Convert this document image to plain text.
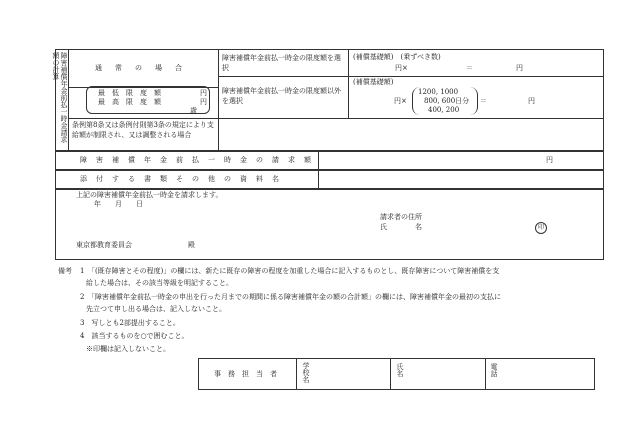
障害補償年金前払一時金請求額の計算	通　常　の　場　合
最　低　限　度　額	円
最　高　限　度　額	円
歳
障害補償年金前払一時金の限度額を選択
(補償基礎額)　(乗ずべき数)
円×	＝	円
障害補償年金前払一時金の限度額以外を選択
(補償基礎額)
円×
1200, 1000
800, 600日分
400, 200
＝	円
条例第8条又は条例付則第3条の規定により支給額が制限され、又は調整される場合
障　害　補　償　年　金　前　払　一　時　金　の　請　求　額	円
添　付　す　る　書　類　そ　の　他　の　資　料　名
上記の障害補償年金前払一時金を請求します。
年　　月　　日
請求者の住所
氏　　　　名	印
東京都教育委員会	殿
備考 1　「(既存障害とその程度)」の欄には、新たに既存の障害の程度を加重した場合に記入するものとし、既存障害について障害補償を支
給した場合は、その該当等級を明記すること。
2　「障害補償年金前払一時金の申出を行った月までの期間に係る障害補償年金の額の合計額」の欄には、障害補償年金の最初の支払に
先立つて申し出る場合は、記入しないこと。
3　写しとも2部提出すること。
4　該当するものを○で囲むこと。
※印欄は記入しないこと。
事　務　担　当　者	学校名	氏名	電話
